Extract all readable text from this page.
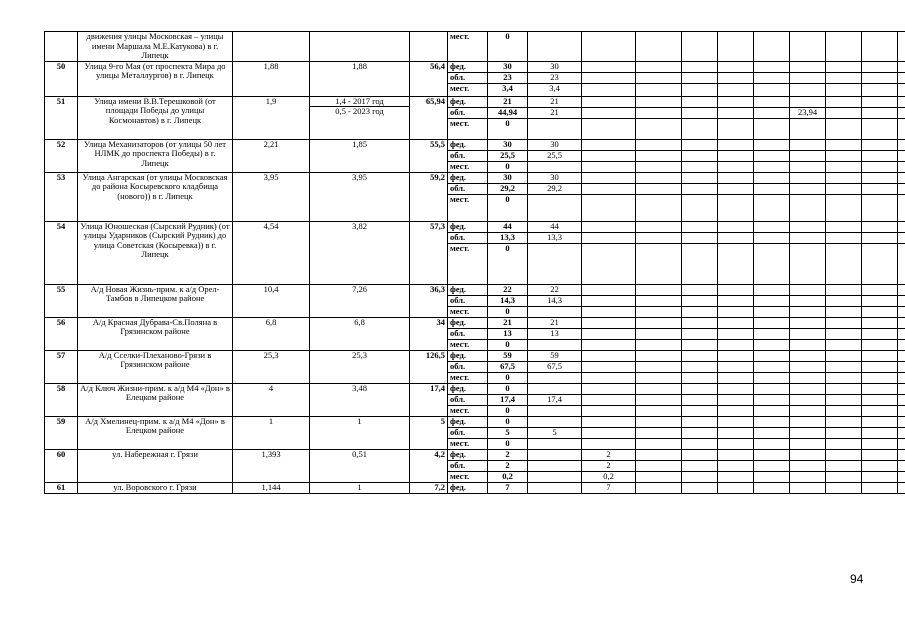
	движения улицы Московская – улицы имени Маршала М.Е.Катукова) в г. Липецк				мест.	0										
50	Улица 9-го Мая (от проспекта Мира до улицы Металлургов) в г. Липецк	1,88	1,88	56,4	фед.	30	30									
					обл.	23	23									
					мест.	3,4	3,4									
51	Улица имени В.В.Терешковой (от площади Победы до улицы Космонавтов) в г. Липецк	1,9	1,4 - 2017 год
0,5 - 2023 год	65,94	фед.	21	21									
					обл.	44,94	21						23,94			
					мест.	0										
52	Улица Механизаторов (от улицы 50 лет НЛМК до проспекта Победы) в г. Липецк	2,21	1,85	55,5	фед.	30	30									
					обл.	25,5	25,5									
					мест.	0										
53	Улица Ангарская (от улицы Московская до района Косыревского кладбища (нового)) в г. Липецк	3,95	3,95	59,2	фед.	30	30									
					обл.	29,2	29,2									
					мест.	0										
54	Улица Юношеская (Сырский Рудник) (от улицы Ударников (Сырский Рудник) до улица Советская (Косыревка)) в г. Липецк	4,54	3,82	57,3	фед.	44	44									
					обл.	13,3	13,3									
					мест.	0										
55	А/д Новая Жизнь-прим. к а/д Орел-Тамбов в Липецком районе	10,4	7,26	36,3	фед.	22	22									
					обл.	14,3	14,3									
					мест.	0										
56	А/д Красная Дубрава-Св.Поляна в Грязинском районе	6,8	6,8	34	фед.	21	21									
					обл.	13	13									
					мест.	0										
57	А/д Сселки-Плеханово-Грязи в Грязинском районе	25,3	25,3	126,5	фед.	59	59									
					обл.	67,5	67,5									
					мест.	0										
58	А/д Ключ Жизни-прим. к а/д М4 «Дон» в Елецком районе	4	3,48	17,4	фед.	0										
					обл.	17,4	17,4									
					мест.	0										
59	А/д Хмелинец-прим. к а/д М4 «Дон» в Елецком районе	1	1	5	фед.	0										
					обл.	5	5									
					мест.	0										
60	ул. Набережная г. Грязи	1,393	0,51	4,2	фед.	2		2								
					обл.	2		2								
					мест.	0,2		0,2								
61	ул. Воровского г. Грязи	1,144	1	7,2	фед.	7		7								
94
